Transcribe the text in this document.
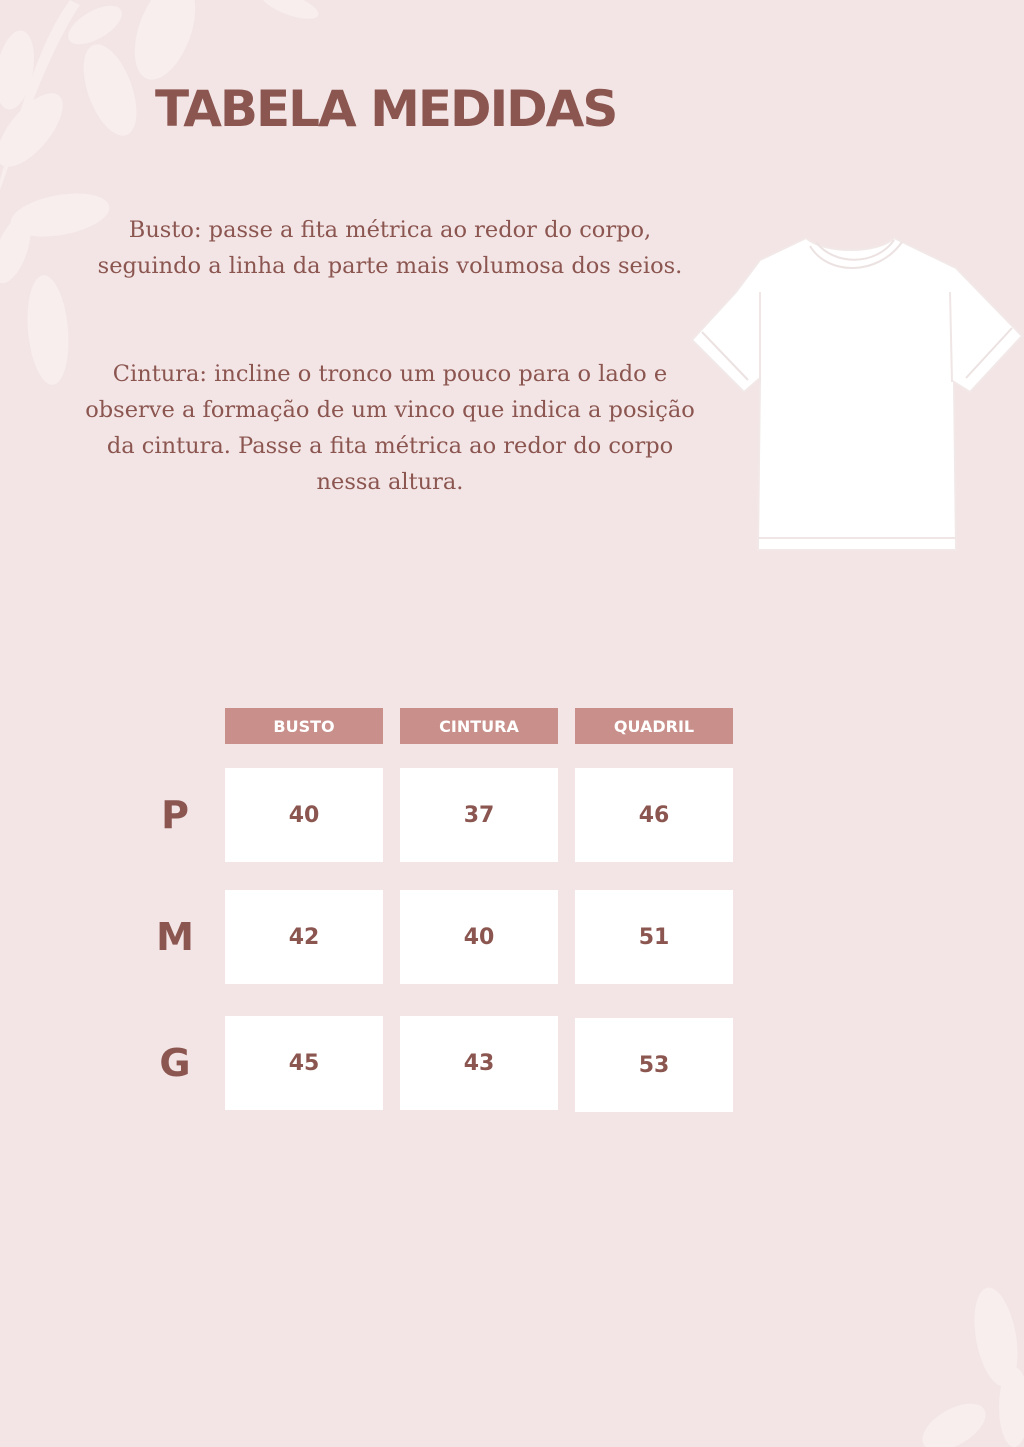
TABELA MEDIDAS

Busto: passe a fita métrica ao redor do corpo, seguindo a linha da parte mais volumosa dos seios.

Cintura: incline o tronco um pouco para o lado e observe a formação de um vinco que indica a posição da cintura. Passe a fita métrica ao redor do corpo nessa altura.

BUSTO	CINTURA	QUADRIL
P	40	37	46
M	42	40	51
G	45	43	53
